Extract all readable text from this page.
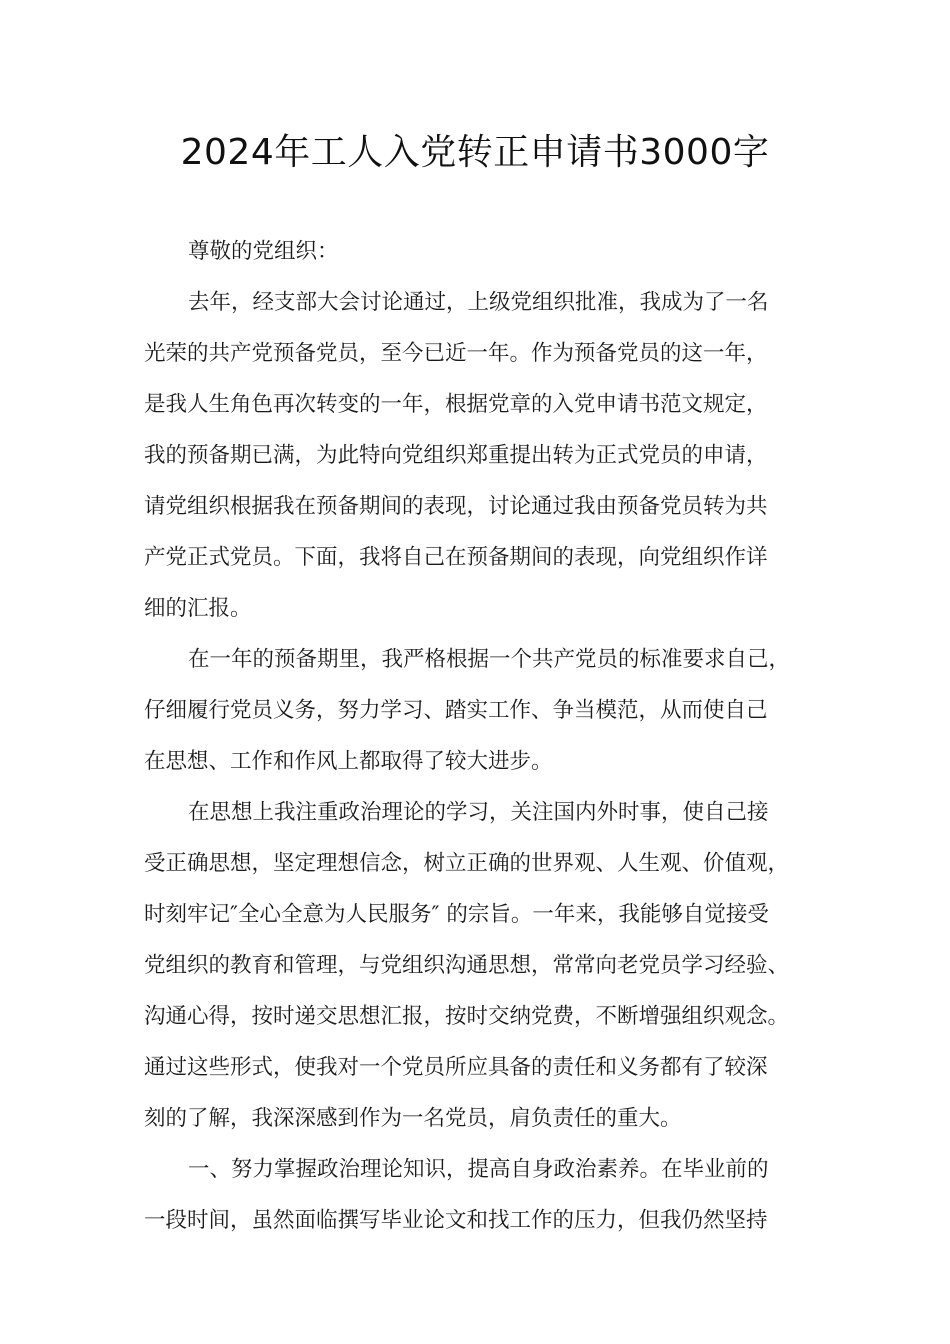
2024年工人入党转正申请书3000字
尊敬的党组织：
去年，经支部大会讨论通过，上级党组织批准，我成为了一名
光荣的共产党预备党员，至今已近一年。作为预备党员的这一年，
是我人生角色再次转变的一年，根据党章的入党申请书范文规定，
我的预备期已满，为此特向党组织郑重提出转为正式党员的申请，
请党组织根据我在预备期间的表现，讨论通过我由预备党员转为共
产党正式党员。下面，我将自己在预备期间的表现，向党组织作详
细的汇报。
在一年的预备期里，我严格根据一个共产党员的标准要求自己，
仔细履行党员义务，努力学习、踏实工作、争当模范，从而使自己
在思想、工作和作风上都取得了较大进步。
在思想上我注重政治理论的学习，关注国内外时事，使自己接
受正确思想，坚定理想信念，树立正确的世界观、人生观、价值观，
时刻牢记″全心全意为人民服务″ 的宗旨。一年来，我能够自觉接受
党组织的教育和管理，与党组织沟通思想，常常向老党员学习经验、
沟通心得，按时递交思想汇报，按时交纳党费，不断增强组织观念。
通过这些形式，使我对一个党员所应具备的责任和义务都有了较深
刻的了解，我深深感到作为一名党员，肩负责任的重大。
一、努力掌握政治理论知识，提高自身政治素养。在毕业前的
一段时间，虽然面临撰写毕业论文和找工作的压力，但我仍然坚持
